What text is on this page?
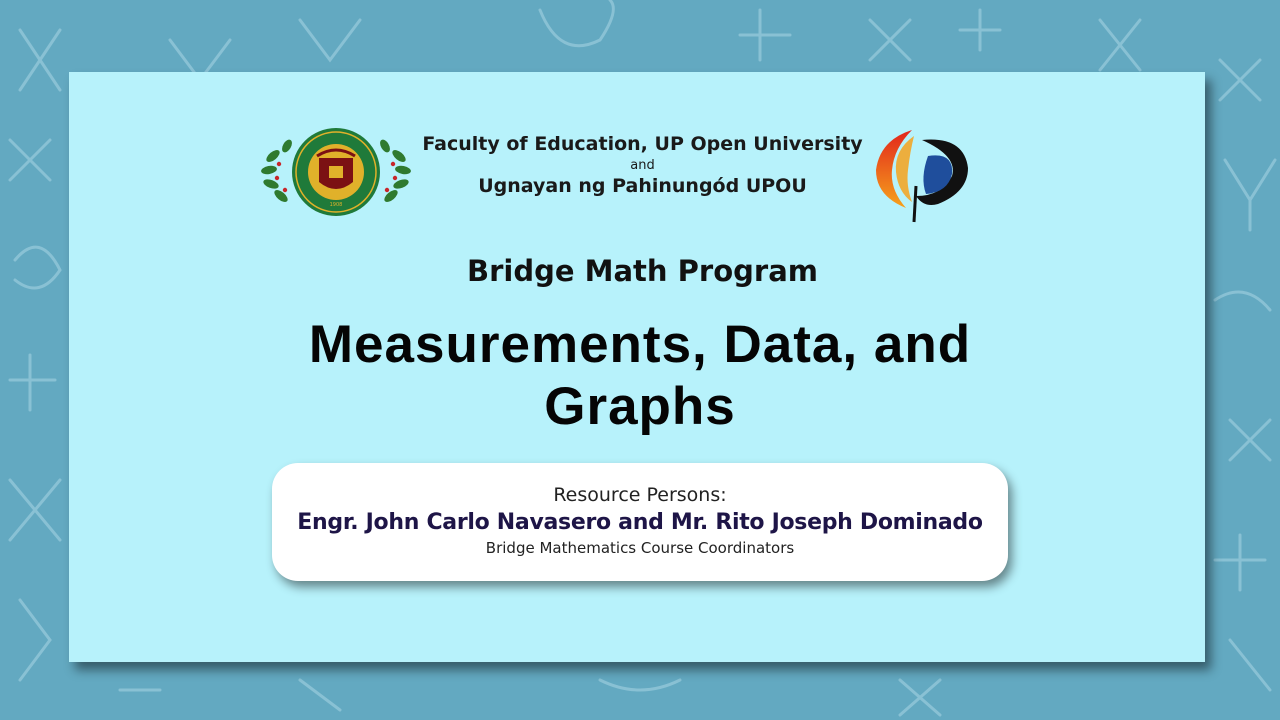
1908
Faculty of Education, UP Open University
and
Ugnayan ng Pahinungód UPOU
Bridge Math Program
Measurements, Data, and
Graphs
Resource Persons:
Engr. John Carlo Navasero and Mr. Rito Joseph Dominado
Bridge Mathematics Course Coordinators
